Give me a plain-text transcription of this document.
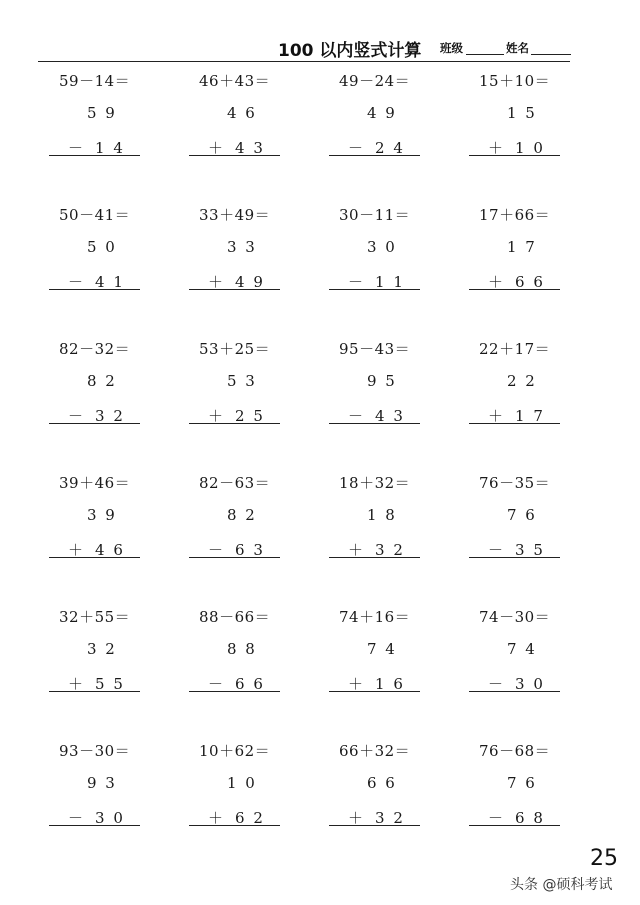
100 以内竖式计算 班级	姓名
59－14＝
5 9
－ 1 4
46＋43＝
4 6
＋ 4 3
49－24＝
4 9
－ 2 4
15＋10＝
1 5
＋ 1 0
50－41＝
5 0
－ 4 1
33＋49＝
3 3
＋ 4 9
30－11＝
3 0
－ 1 1
17＋66＝
1 7
＋ 6 6
82－32＝
8 2
－ 3 2
53＋25＝
5 3
＋ 2 5
95－43＝
9 5
－ 4 3
22＋17＝
2 2
＋ 1 7
39＋46＝
3 9
＋ 4 6
82－63＝
8 2
－ 6 3
18＋32＝
1 8
＋ 3 2
76－35＝
7 6
－ 3 5
32＋55＝
3 2
＋ 5 5
88－66＝
8 8
－ 6 6
74＋16＝
7 4
＋ 1 6
74－30＝
7 4
－ 3 0
93－30＝
9 3
－ 3 0
10＋62＝
1 0
＋ 6 2
66＋32＝
6 6
＋ 3 2
76－68＝
7 6
－ 6 8
25
头条 @硕科考试
